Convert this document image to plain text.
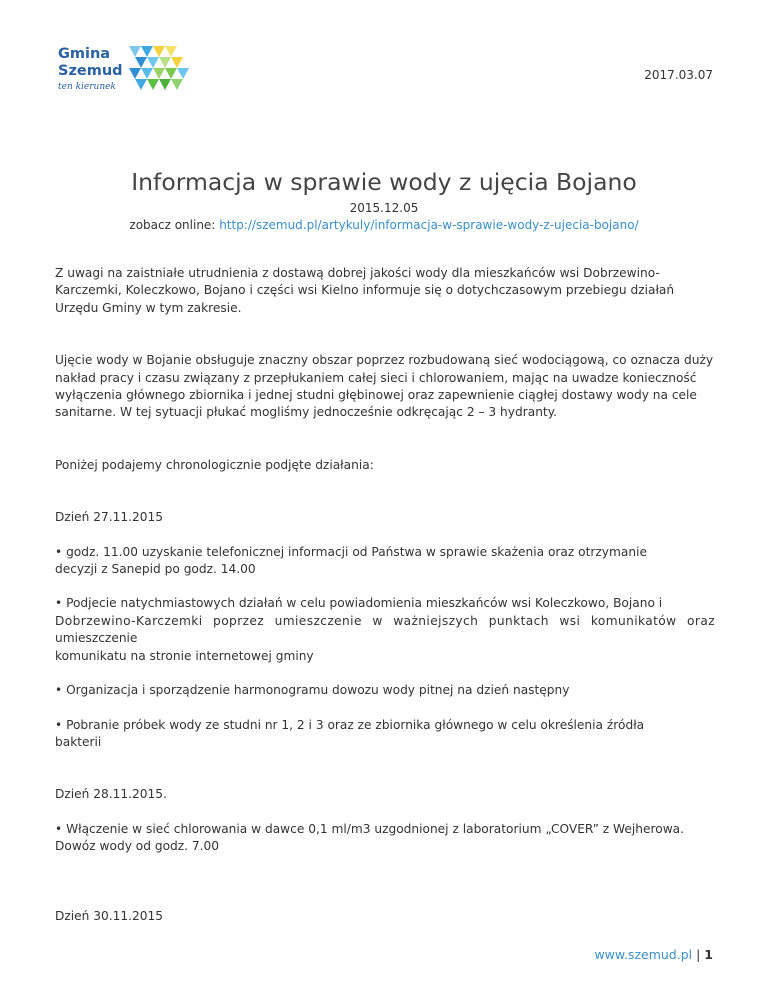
Gmina
Szemud
ten kierunek
2017.03.07
Informacja w sprawie wody z ujęcia Bojano
2015.12.05
zobacz online: http://szemud.pl/artykuly/informacja-w-sprawie-wody-z-ujecia-bojano/

Z uwagi na zaistniałe utrudnienia z dostawą dobrej jakości wody dla mieszkańców wsi Dobrzewino-Karczemki, Koleczkowo, Bojano i części wsi Kielno informuje się o dotychczasowym przebiegu działań Urzędu Gminy w tym zakresie.

Ujęcie wody w Bojanie obsługuje znaczny obszar poprzez rozbudowaną sieć wodociągową, co oznacza duży nakład pracy i czasu związany z przepłukaniem całej sieci i chlorowaniem, mając na uwadze konieczność wyłączenia głównego zbiornika i jednej studni głębinowej oraz zapewnienie ciągłej dostawy wody na cele sanitarne. W tej sytuacji płukać mogliśmy jednocześnie odkręcając 2 – 3 hydranty.

Poniżej podajemy chronologicznie podjęte działania:

Dzień 27.11.2015

• godz. 11.00 uzyskanie telefonicznej informacji od Państwa w sprawie skażenia oraz otrzymanie
decyzji z Sanepid po godz. 14.00

• Podjecie natychmiastowych działań w celu powiadomienia mieszkańców wsi Koleczkowo, Bojano i

Dobrzewino-Karczemki poprzez umieszczenie w ważniejszych punktach wsi komunikatów oraz
umieszczenie
komunikatu na stronie internetowej gminy

• Organizacja i sporządzenie harmonogramu dowozu wody pitnej na dzień następny

• Pobranie próbek wody ze studni nr 1, 2 i 3 oraz ze zbiornika głównego w celu określenia źródła
bakterii

Dzień 28.11.2015.

• Włączenie w sieć chlorowania w dawce 0,1 ml/m3 uzgodnionej z laboratorium „COVER” z Wejherowa.
Dowóz wody od godz. 7.00

Dzień 30.11.2015

www.szemud.pl | 1
